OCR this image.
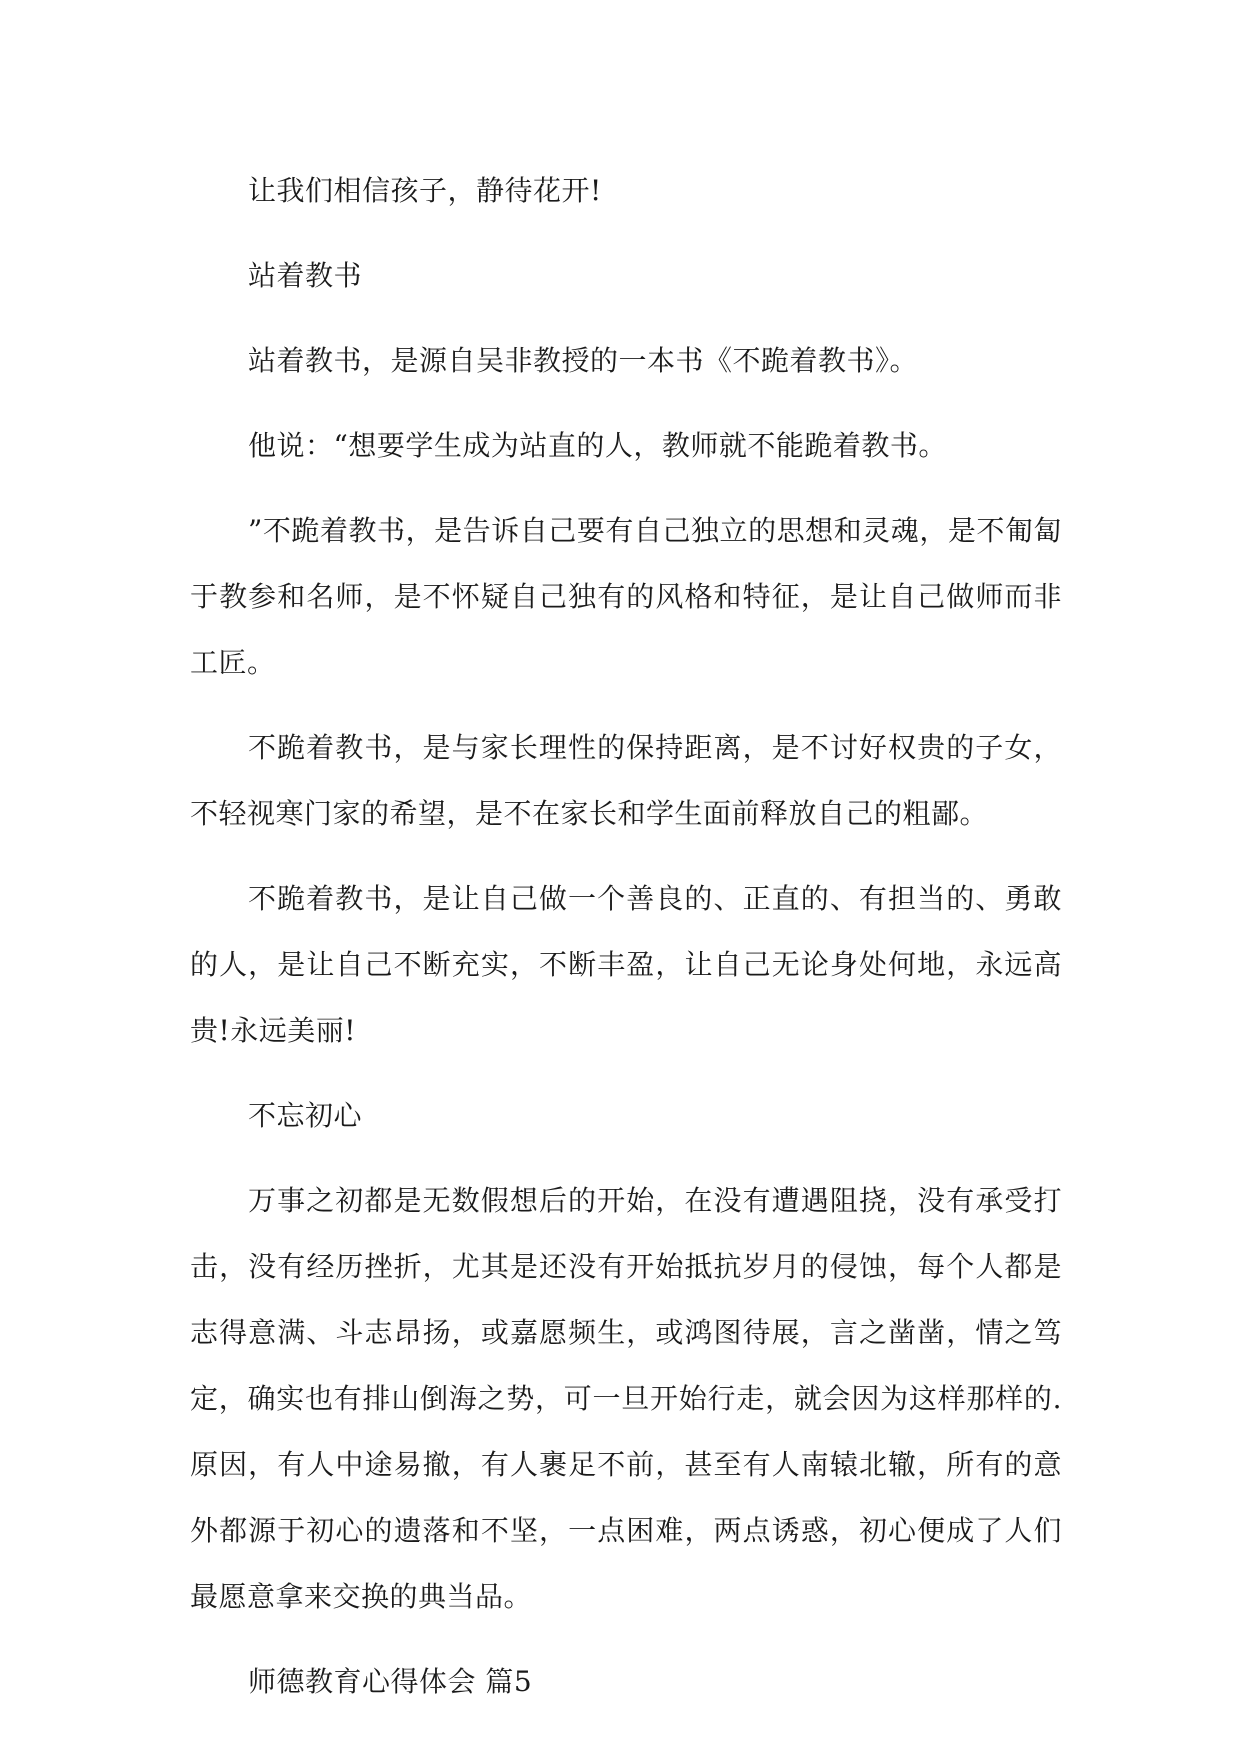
让我们相信孩子，静待花开!

站着教书

站着教书，是源自吴非教授的一本书《不跪着教书》。

他说：“想要学生成为站直的人，教师就不能跪着教书。

”不跪着教书，是告诉自己要有自己独立的思想和灵魂，是不匍匐于教参和名师，是不怀疑自己独有的风格和特征，是让自己做师而非工匠。

不跪着教书，是与家长理性的保持距离，是不讨好权贵的子女，不轻视寒门家的希望，是不在家长和学生面前释放自己的粗鄙。

不跪着教书，是让自己做一个善良的、正直的、有担当的、勇敢的人，是让自己不断充实，不断丰盈，让自己无论身处何地，永远高贵!永远美丽!

不忘初心

万事之初都是无数假想后的开始，在没有遭遇阻挠，没有承受打击，没有经历挫折，尤其是还没有开始抵抗岁月的侵蚀，每个人都是志得意满、斗志昂扬，或嘉愿频生，或鸿图待展，言之凿凿，情之笃定，确实也有排山倒海之势，可一旦开始行走，就会因为这样那样的.原因，有人中途易撤，有人裹足不前，甚至有人南辕北辙，所有的意外都源于初心的遗落和不坚，一点困难，两点诱惑，初心便成了人们最愿意拿来交换的典当品。

师德教育心得体会 篇5
